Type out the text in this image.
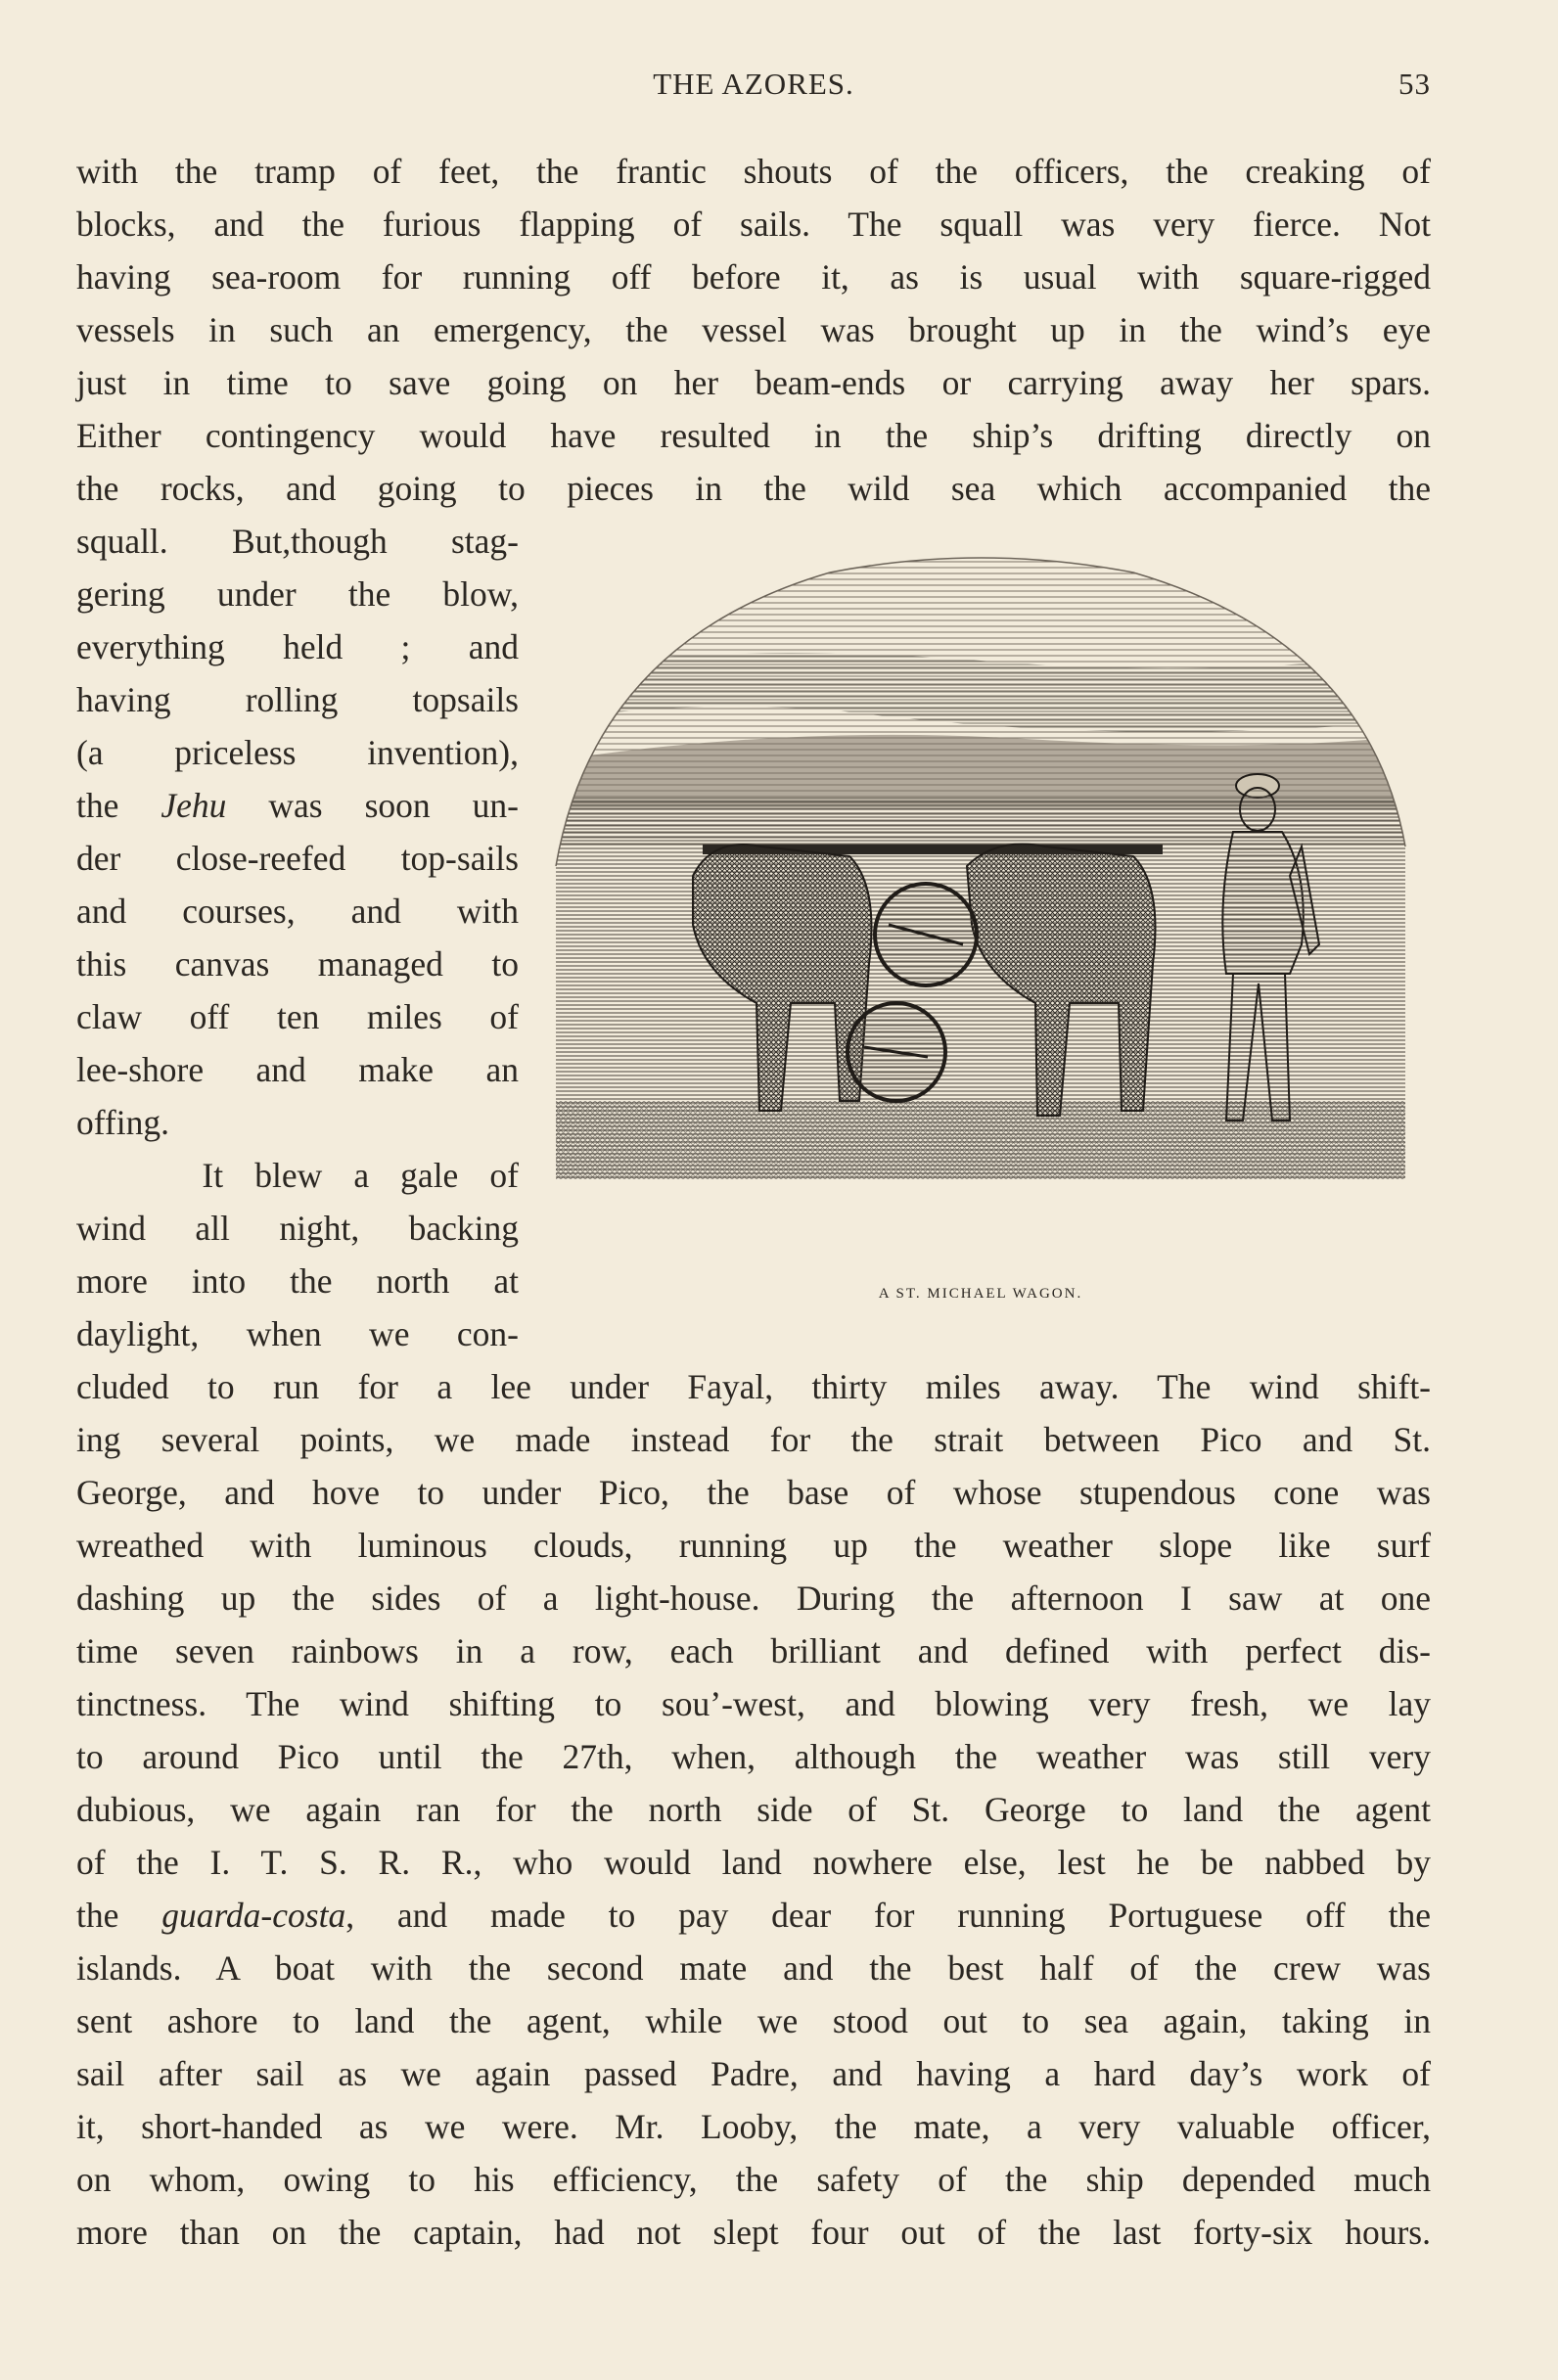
THE AZORES.	53
with the tramp of feet, the frantic shouts of the officers, the creaking of
blocks, and the furious flapping of sails. The squall was very fierce. Not
having sea-room for running off before it, as is usual with square-rigged
vessels in such an emergency, the vessel was brought up in the wind’s eye
just in time to save going on her beam-ends or carrying away her spars.
Either contingency would have resulted in the ship’s drifting directly on
the rocks, and going to pieces in the wild sea which accompanied the
squall. But,though stag-
gering under the blow,
everything held ; and
having rolling topsails
(a priceless invention),
the Jehu was soon un-
der close-reefed top-sails
and courses, and with
this canvas managed to
claw off ten miles of
lee-shore and make an
offing.
It blew a gale of
wind all night, backing
more into the north at
daylight, when we con-
cluded to run for a lee under Fayal, thirty miles away. The wind shift-
ing several points, we made instead for the strait between Pico and St.
George, and hove to under Pico, the base of whose stupendous cone was
wreathed with luminous clouds, running up the weather slope like surf
dashing up the sides of a light-house. During the afternoon I saw at one
time seven rainbows in a row, each brilliant and defined with perfect dis-
tinctness. The wind shifting to sou’-west, and blowing very fresh, we lay
to around Pico until the 27th, when, although the weather was still very
dubious, we again ran for the north side of St. George to land the agent
of the I. T. S. R. R., who would land nowhere else, lest he be nabbed by
the guarda-costa, and made to pay dear for running Portuguese off the
islands. A boat with the second mate and the best half of the crew was
sent ashore to land the agent, while we stood out to sea again, taking in
sail after sail as we again passed Padre, and having a hard day’s work of
it, short-handed as we were. Mr. Looby, the mate, a very valuable officer,
on whom, owing to his efficiency, the safety of the ship depended much
more than on the captain, had not slept four out of the last forty-six hours.
A ST. MICHAEL WAGON.
